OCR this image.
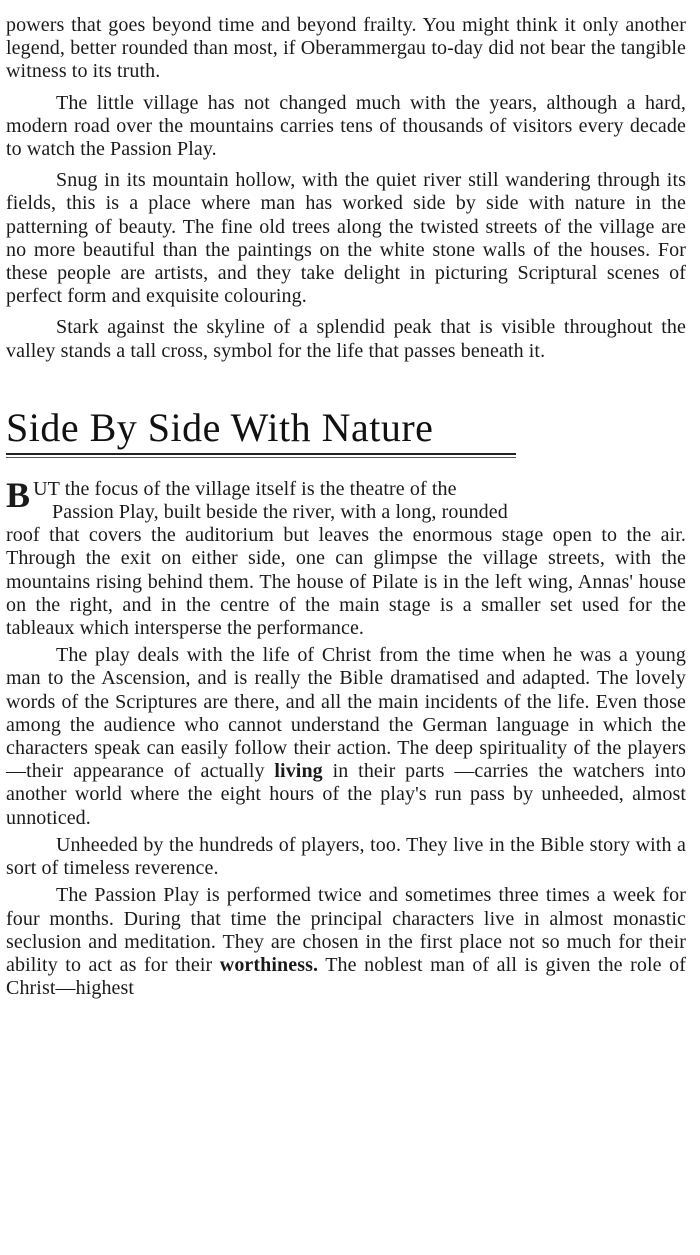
powers that goes beyond time and beyond frailty. You might think it only another legend, better rounded than most, if Oberammergau to-day did not bear the tangible witness to its truth.

The little village has not changed much with the years, although a hard, modern road over the mountains carries tens of thousands of visitors every decade to watch the Passion Play.

Snug in its mountain hollow, with the quiet river still wandering through its fields, this is a place where man has worked side by side with nature in the patterning of beauty. The fine old trees along the twisted streets of the village are no more beautiful than the paintings on the white stone walls of the houses. For these people are artists, and they take delight in picturing Scriptural scenes of perfect form and exquisite colouring.

Stark against the skyline of a splendid peak that is visible throughout the valley stands a tall cross, symbol for the life that passes beneath it.

Side By Side With Nature

BUT the focus of the village itself is the theatre of the

Passion Play, built beside the river, with a long, rounded

roof that covers the auditorium but leaves the enormous stage open to the air. Through the exit on either side, one can glimpse the village streets, with the mountains rising behind them. The house of Pilate is in the left wing, Annas' house on the right, and in the centre of the main stage is a smaller set used for the tableaux which intersperse the performance.

The play deals with the life of Christ from the time when he was a young man to the Ascension, and is really the Bible dramatised and adapted. The lovely words of the Scriptures are there, and all the main incidents of the life. Even those among the audience who cannot understand the German language in which the characters speak can easily follow their action. The deep spirituality of the players—their appearance of actually living in their parts —carries the watchers into another world where the eight hours of the play's run pass by unheeded, almost unnoticed.

Unheeded by the hundreds of players, too. They live in the Bible story with a sort of timeless reverence.

The Passion Play is performed twice and sometimes three times a week for four months. During that time the principal characters live in almost monastic seclusion and meditation. They are chosen in the first place not so much for their ability to act as for their worthiness. The noblest man of all is given the role of Christ—highest
